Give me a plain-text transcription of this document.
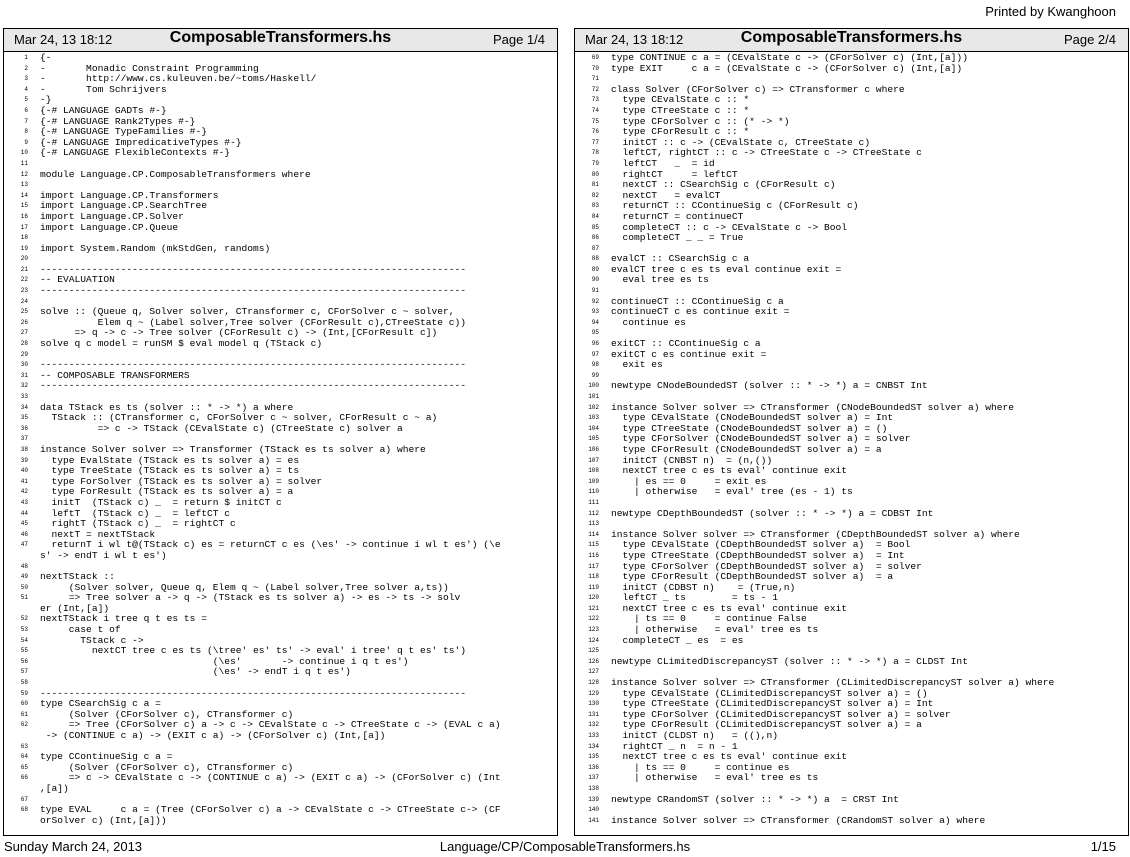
Printed by Kwanghoon
Mar 24, 13 18:12	ComposableTransformers.hs	Page 1/4
1 {-
2 -       Monadic Constraint Programming
3 -       http://www.cs.kuleuven.be/~toms/Haskell/
4 -       Tom Schrijvers
5 -}
6 {-# LANGUAGE GADTs #-}
7 {-# LANGUAGE Rank2Types #-}
8 {-# LANGUAGE TypeFamilies #-}
9 {-# LANGUAGE ImpredicativeTypes #-}
10 {-# LANGUAGE FlexibleContexts #-}
11
12 module Language.CP.ComposableTransformers where
13
14 import Language.CP.Transformers
15 import Language.CP.SearchTree
16 import Language.CP.Solver
17 import Language.CP.Queue
18
19 import System.Random (mkStdGen, randoms)
20
21 --------------------------------------------------------------------------
22 -- EVALUATION
23 --------------------------------------------------------------------------
24
25 solve :: (Queue q, Solver solver, CTransformer c, CForSolver c ~ solver,
26 Elem q ~ (Label solver,Tree solver (CForResult c),CTreeState c))
27 => q -> c -> Tree solver (CForResult c) -> (Int,[CForResult c])
28 solve q c model = runSM $ eval model q (TStack c)
29
30 --------------------------------------------------------------------------
31 -- COMPOSABLE TRANSFORMERS
32 --------------------------------------------------------------------------
33
34 data TStack es ts (solver :: * -> *) a where
35 TStack :: (CTransformer c, CForSolver c ~ solver, CForResult c ~ a)
36 => c -> TStack (CEvalState c) (CTreeState c) solver a
37
38 instance Solver solver => Transformer (TStack es ts solver a) where
39 type EvalState (TStack es ts solver a) = es
40 type TreeState (TStack es ts solver a) = ts
41 type ForSolver (TStack es ts solver a) = solver
42 type ForResult (TStack es ts solver a) = a
43 initT  (TStack c) _  = return $ initCT c
44 leftT  (TStack c) _  = leftCT c
45 rightT (TStack c) _  = rightCT c
46 nextT = nextTStack
47 returnT i wl t@(TStack c) es = returnCT c es (\es' -> continue i wl t es') (\e
s' -> endT i wl t es')
48
49 nextTStack ::
50 (Solver solver, Queue q, Elem q ~ (Label solver,Tree solver a,ts))
51 => Tree solver a -> q -> (TStack es ts solver a) -> es -> ts -> solv
er (Int,[a])
52 nextTStack i tree q t es ts =
53 case t of
54 TStack c ->
55 nextCT tree c es ts (\tree' es' ts' -> eval' i tree' q t es' ts')
56 (\es'       -> continue i q t es')
57 (\es' -> endT i q t es')
58
59 --------------------------------------------------------------------------
60 type CSearchSig c a =
61 (Solver (CForSolver c), CTransformer c)
62 => Tree (CForSolver c) a -> c -> CEvalState c -> CTreeState c -> (EVAL c a)
-> (CONTINUE c a) -> (EXIT c a) -> (CForSolver c) (Int,[a])
63
64 type CContinueSig c a =
65 (Solver (CForSolver c), CTransformer c)
66 => c -> CEvalState c -> (CONTINUE c a) -> (EXIT c a) -> (CForSolver c) (Int
,[a])
67
68 type EVAL     c a = (Tree (CForSolver c) a -> CEvalState c -> CTreeState c-> (CF
orSolver c) (Int,[a]))
Mar 24, 13 18:12	ComposableTransformers.hs	Page 2/4
69 type CONTINUE c a = (CEvalState c -> (CForSolver c) (Int,[a]))
70 type EXIT     c a = (CEvalState c -> (CForSolver c) (Int,[a])
71
72 class Solver (CForSolver c) => CTransformer c where
73 type CEvalState c :: *
74 type CTreeState c :: *
75 type CForSolver c :: (* -> *)
76 type CForResult c :: *
77 initCT :: c -> (CEvalState c, CTreeState c)
78 leftCT, rightCT :: c -> CTreeState c -> CTreeState c
79 leftCT   _  = id
80 rightCT     = leftCT
81 nextCT :: CSearchSig c (CForResult c)
82 nextCT   = evalCT
83 returnCT :: CContinueSig c (CForResult c)
84 returnCT = continueCT
85 completeCT :: c -> CEvalState c -> Bool
86 completeCT _ _ = True
87
88 evalCT :: CSearchSig c a
89 evalCT tree c es ts eval continue exit =
90 eval tree es ts
91
92 continueCT :: CContinueSig c a
93 continueCT c es continue exit =
94 continue es
95
96 exitCT :: CContinueSig c a
97 exitCT c es continue exit =
98 exit es
99
100 newtype CNodeBoundedST (solver :: * -> *) a = CNBST Int
101
102 instance Solver solver => CTransformer (CNodeBoundedST solver a) where
103 type CEvalState (CNodeBoundedST solver a) = Int
104 type CTreeState (CNodeBoundedST solver a) = ()
105 type CForSolver (CNodeBoundedST solver a) = solver
106 type CForResult (CNodeBoundedST solver a) = a
107 initCT (CNBST n)  = (n,())
108 nextCT tree c es ts eval' continue exit
109 | es == 0     = exit es
110 | otherwise   = eval' tree (es - 1) ts
111
112 newtype CDepthBoundedST (solver :: * -> *) a = CDBST Int
113
114 instance Solver solver => CTransformer (CDepthBoundedST solver a) where
115 type CEvalState (CDepthBoundedST solver a)  = Bool
116 type CTreeState (CDepthBoundedST solver a)  = Int
117 type CForSolver (CDepthBoundedST solver a)  = solver
118 type CForResult (CDepthBoundedST solver a)  = a
119 initCT (CDBST n)    = (True,n)
120 leftCT _ ts        = ts - 1
121 nextCT tree c es ts eval' continue exit
122 | ts == 0     = continue False
123 | otherwise   = eval' tree es ts
124 completeCT _ es  = es
125
126 newtype CLimitedDiscrepancyST (solver :: * -> *) a = CLDST Int
127
128 instance Solver solver => CTransformer (CLimitedDiscrepancyST solver a) where
129 type CEvalState (CLimitedDiscrepancyST solver a) = ()
130 type CTreeState (CLimitedDiscrepancyST solver a) = Int
131 type CForSolver (CLimitedDiscrepancyST solver a) = solver
132 type CForResult (CLimitedDiscrepancyST solver a) = a
133 initCT (CLDST n)   = ((),n)
134 rightCT _ n  = n - 1
135 nextCT tree c es ts eval' continue exit
136 | ts == 0     = continue es
137 | otherwise   = eval' tree es ts
138
139 newtype CRandomST (solver :: * -> *) a  = CRST Int
140
141 instance Solver solver => CTransformer (CRandomST solver a) where
Sunday March 24, 2013	Language/CP/ComposableTransformers.hs	1/15
